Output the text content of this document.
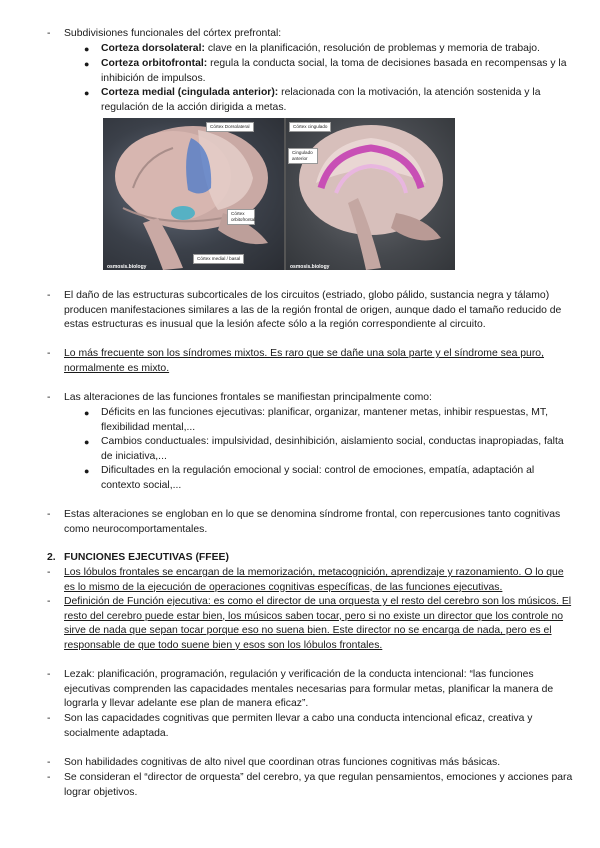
-	Subdivisiones funcionales del córtex prefrontal:
● Corteza dorsolateral: clave en la planificación, resolución de problemas y memoria de trabajo.
● Corteza orbitofrontal: regula la conducta social, la toma de decisiones basada en recompensas y la inhibición de impulsos.
● Corteza medial (cingulada anterior): relacionada con la motivación, la atención sostenida y la regulación de la acción dirigida a metas.
Córtex Dorsolateral
Córtex orbitofrontal
Córtex medial / basal
osmosis.biology
Córtex cingulado
Cingulado anterior
osmosis.biology
-	El daño de las estructuras subcorticales de los circuitos (estriado, globo pálido, sustancia negra y tálamo) producen manifestaciones similares a las de la región frontal de origen, aunque dado el tamaño reducido de estas estructuras es inusual que la lesión afecte sólo a la región correspondiente al circuito.
-	Lo más frecuente son los síndromes mixtos. Es raro que se dañe una sola parte y el síndrome sea puro, normalmente es mixto.
-	Las alteraciones de las funciones frontales se manifiestan principalmente como:
● Déficits en las funciones ejecutivas: planificar, organizar, mantener metas, inhibir respuestas, MT, flexibilidad mental,...
● Cambios conductuales: impulsividad, desinhibición, aislamiento social, conductas inapropiadas, falta de iniciativa,...
● Dificultades en la regulación emocional y social: control de emociones, empatía, adaptación al contexto social,...
-	Estas alteraciones se engloban en lo que se denomina síndrome frontal, con repercusiones tanto cognitivas como neurocomportamentales.
2. FUNCIONES EJECUTIVAS (FFEE)
-	Los lóbulos frontales se encargan de la memorización, metacognición, aprendizaje y razonamiento. O lo que es lo mismo de la ejecución de operaciones cognitivas específicas, de las funciones ejecutivas.
-	Definición de Función ejecutiva: es como el director de una orquesta y el resto del cerebro son los músicos. El resto del cerebro puede estar bien, los músicos saben tocar, pero si no existe un director que los controle no sirve de nada que sepan tocar porque eso no suena bien. Este director no se encarga de nada, pero es el responsable de que todo suene bien y esos son los lóbulos frontales.
-	Lezak: planificación, programación, regulación y verificación de la conducta intencional: “las funciones ejecutivas comprenden las capacidades mentales necesarias para formular metas, planificar la manera de lograrla y llevar adelante ese plan de manera eficaz”.
-	Son las capacidades cognitivas que permiten llevar a cabo una conducta intencional eficaz, creativa y socialmente adaptada.
-	Son habilidades cognitivas de alto nivel que coordinan otras funciones cognitivas más básicas.
-	Se consideran el “director de orquesta” del cerebro, ya que regulan pensamientos, emociones y acciones para lograr objetivos.
